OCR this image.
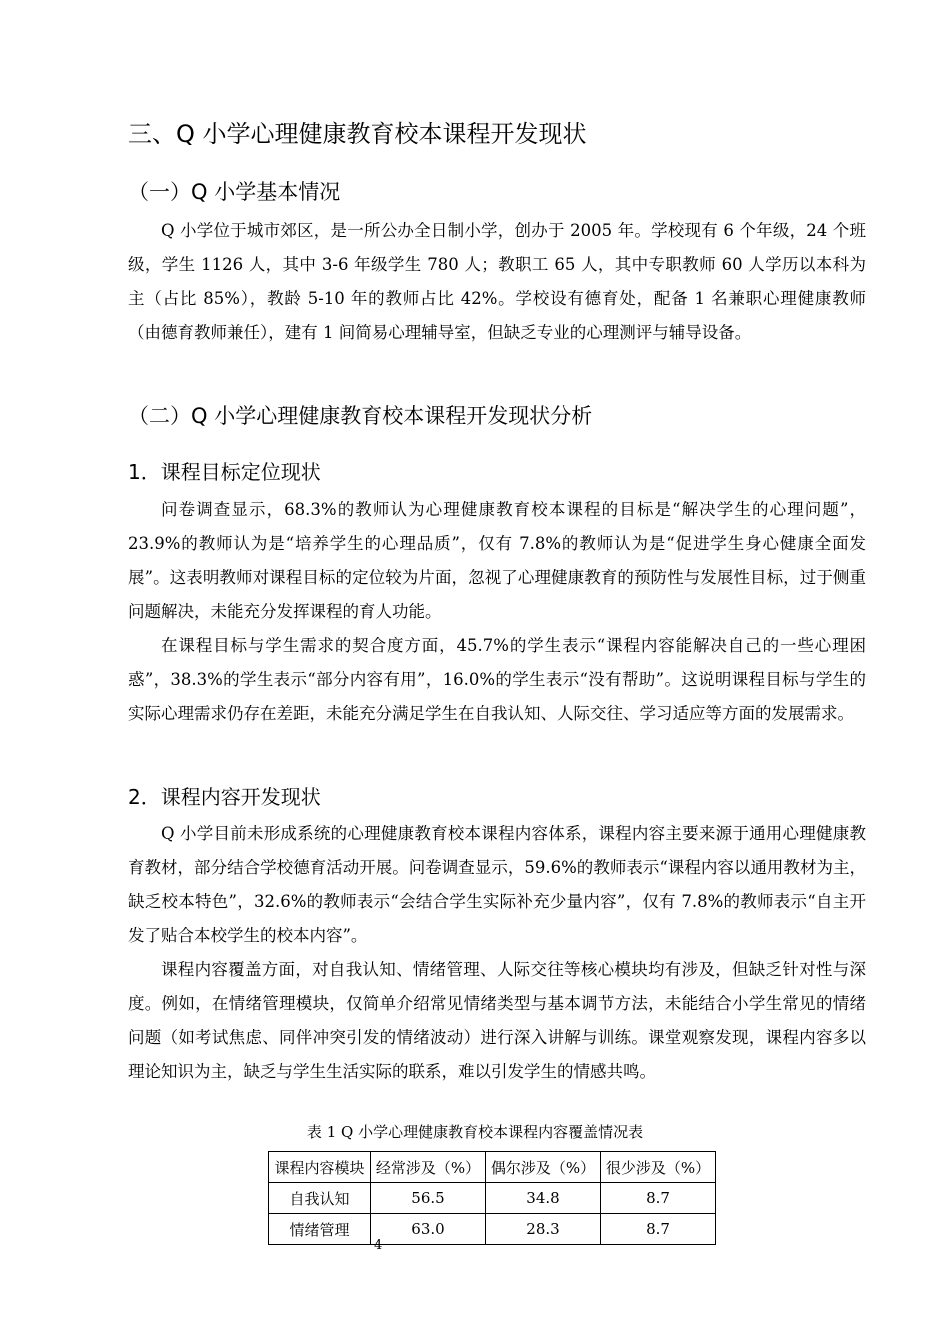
三、Q 小学心理健康教育校本课程开发现状
（一）Q 小学基本情况

Q 小学位于城市郊区，是一所公办全日制小学，创办于 2005 年。学校现有 6 个年级，24 个班级，学生 1126 人，其中 3-6 年级学生 780 人；教职工 65 人，其中专职教师 60 人学历以本科为主（占比 85%），教龄 5-10 年的教师占比 42%。学校设有德育处，配备 1 名兼职心理健康教师（由德育教师兼任），建有 1 间简易心理辅导室，但缺乏专业的心理测评与辅导设备。

（二）Q 小学心理健康教育校本课程开发现状分析
1．课程目标定位现状

问卷调查显示，68.3%的教师认为心理健康教育校本课程的目标是“解决学生的心理问题”，23.9%的教师认为是“培养学生的心理品质”，仅有 7.8%的教师认为是“促进学生身心健康全面发展”。这表明教师对课程目标的定位较为片面，忽视了心理健康教育的预防性与发展性目标，过于侧重问题解决，未能充分发挥课程的育人功能。

在课程目标与学生需求的契合度方面，45.7%的学生表示“课程内容能解决自己的一些心理困惑”，38.3%的学生表示“部分内容有用”，16.0%的学生表示“没有帮助”。这说明课程目标与学生的实际心理需求仍存在差距，未能充分满足学生在自我认知、人际交往、学习适应等方面的发展需求。

2．课程内容开发现状

Q 小学目前未形成系统的心理健康教育校本课程内容体系，课程内容主要来源于通用心理健康教育教材，部分结合学校德育活动开展。问卷调查显示，59.6%的教师表示“课程内容以通用教材为主，缺乏校本特色”，32.6%的教师表示“会结合学生实际补充少量内容”，仅有 7.8%的教师表示“自主开发了贴合本校学生的校本内容”。

课程内容覆盖方面，对自我认知、情绪管理、人际交往等核心模块均有涉及，但缺乏针对性与深度。例如，在情绪管理模块，仅简单介绍常见情绪类型与基本调节方法，未能结合小学生常见的情绪问题（如考试焦虑、同伴冲突引发的情绪波动）进行深入讲解与训练。课堂观察发现，课程内容多以理论知识为主，缺乏与学生生活实际的联系，难以引发学生的情感共鸣。

表 1 Q 小学心理健康教育校本课程内容覆盖情况表
课程内容模块	经常涉及（%）	偶尔涉及（%）	很少涉及（%）
自我认知	56.5	34.8	8.7
情绪管理	63.0	28.3	8.7
4
